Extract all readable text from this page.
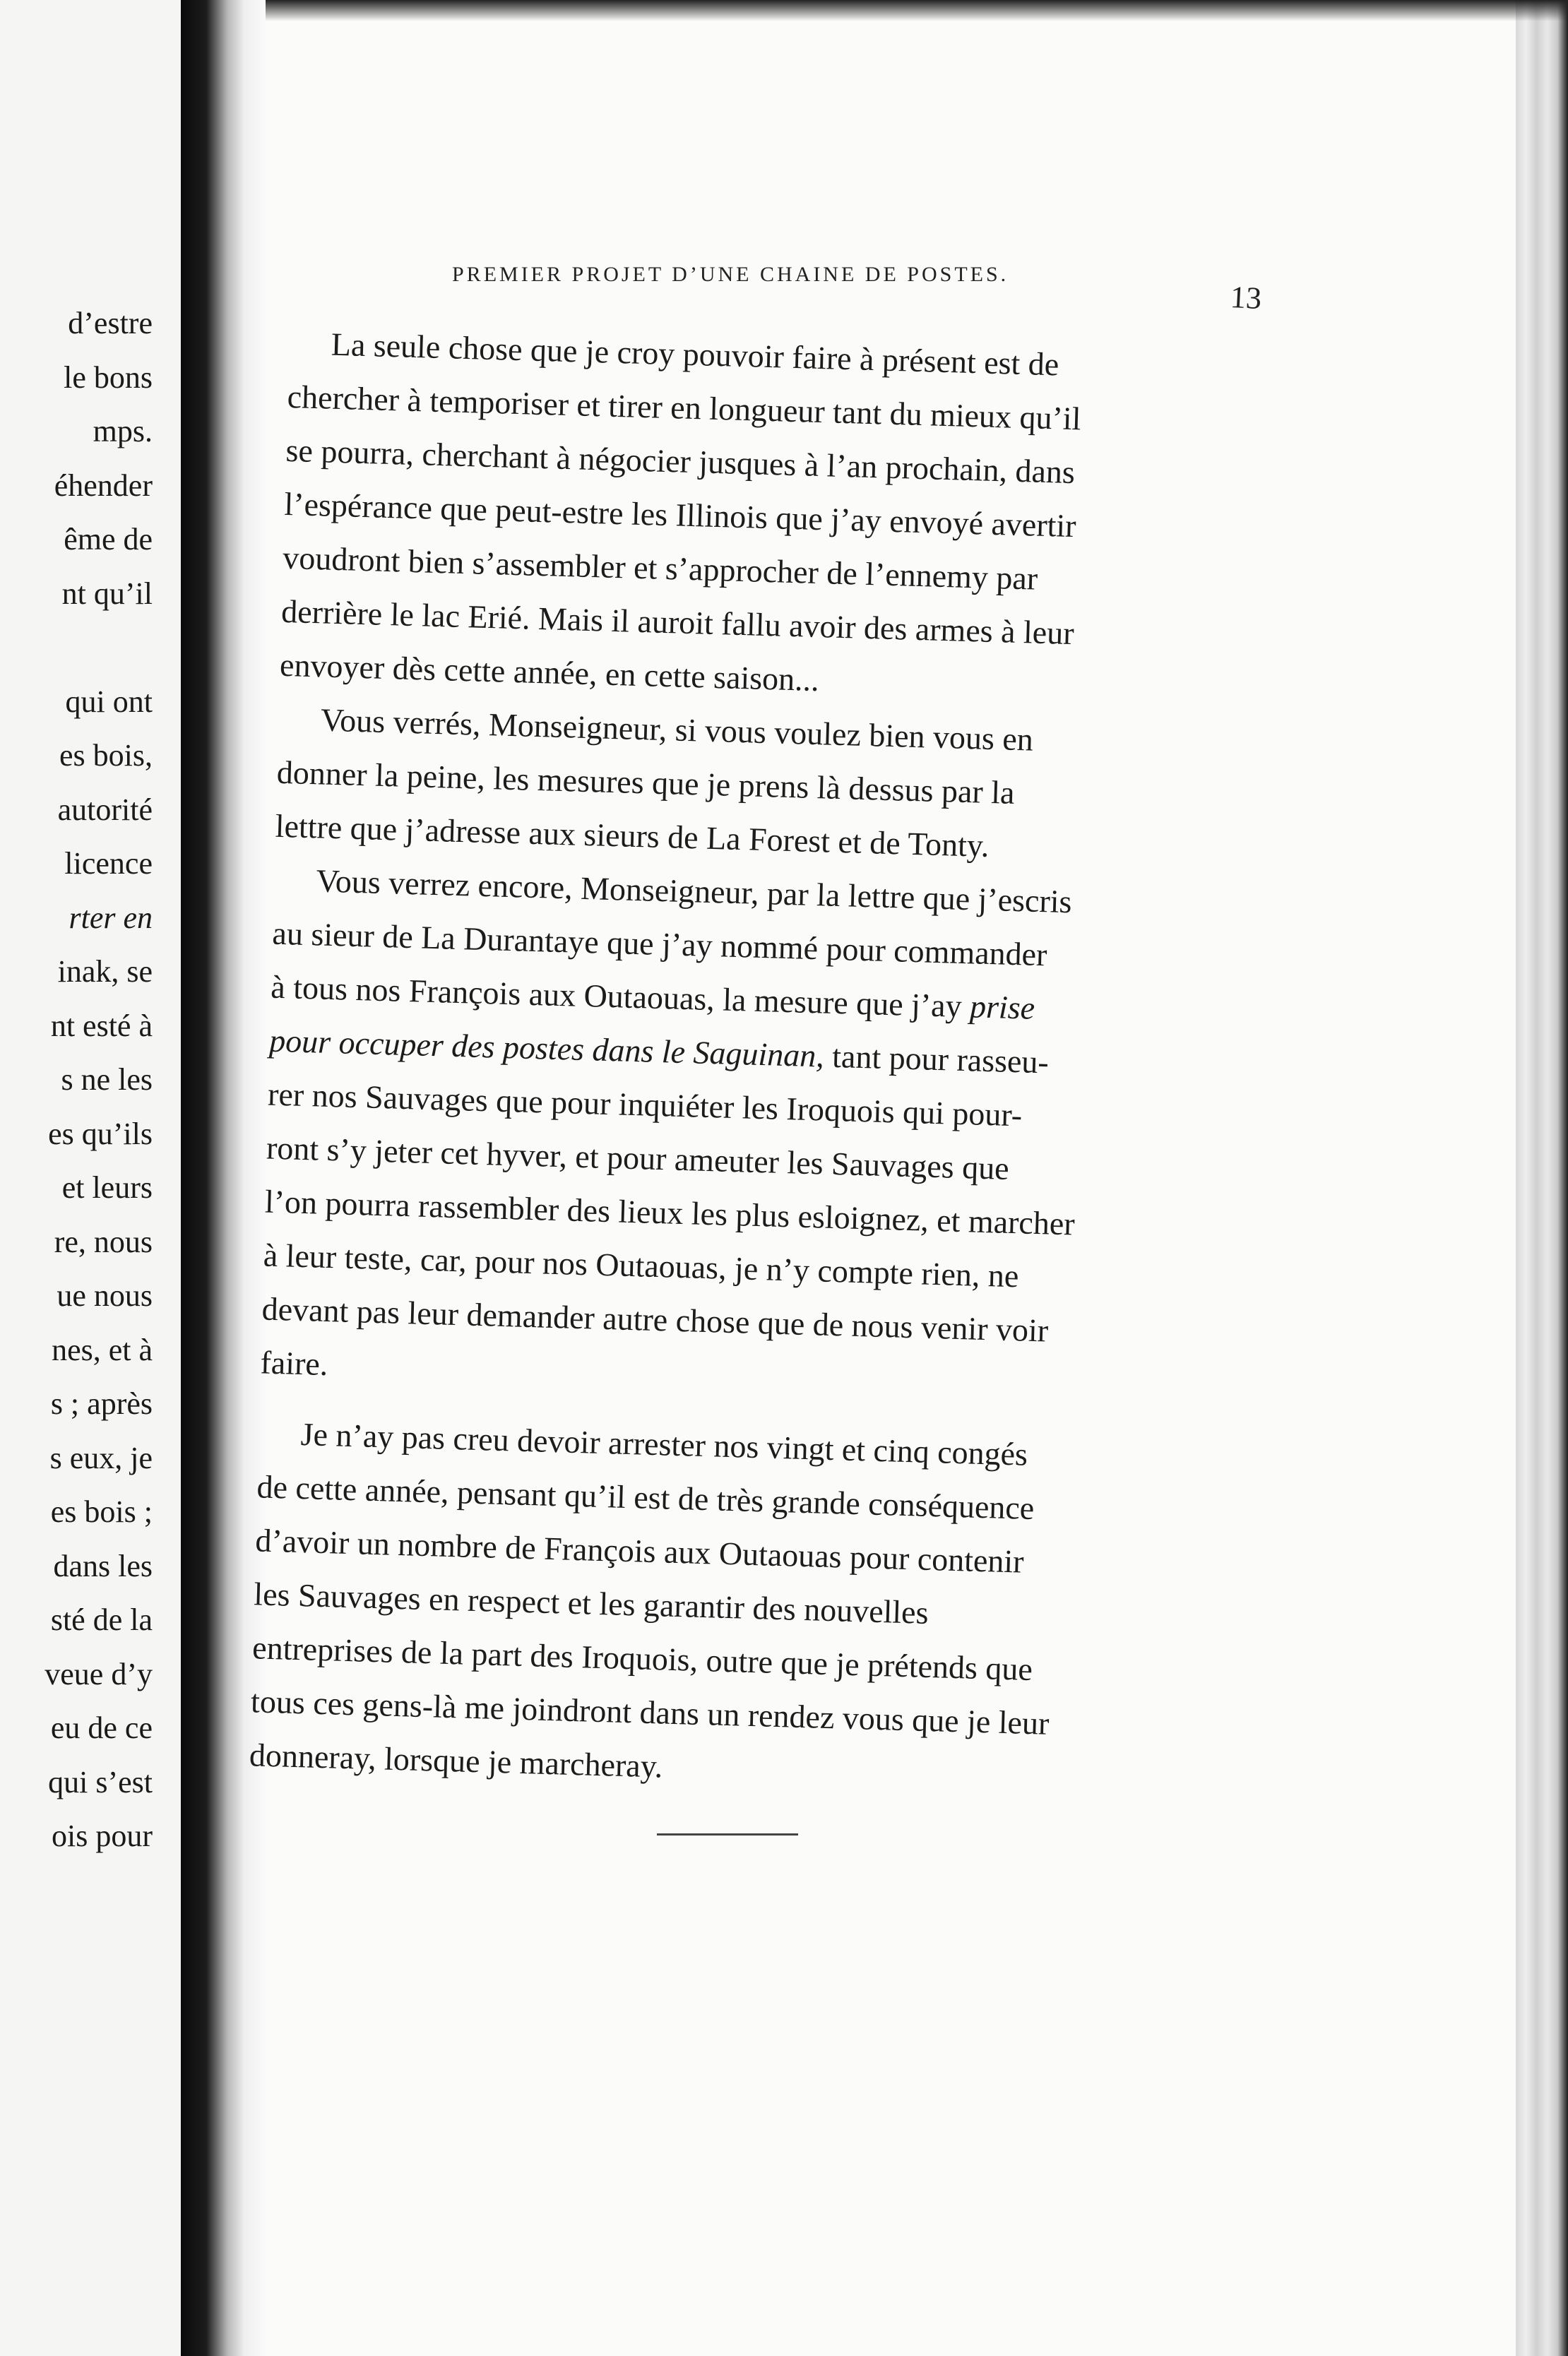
d’estre
le bons
mps.
éhender
ême de
nt qu’il
qui ont
es bois,
autorité
licence
rter en
inak, se
nt esté à
s ne les
es qu’ils
et leurs
re, nous
ue nous
nes, et à
s ; après
s eux, je
es bois ;
dans les
sté de la
veue d’y
eu de ce
qui s’est
ois pour
PREMIER PROJET D’UNE CHAINE DE POSTES.
13
La seule chose que je croy pouvoir faire à présent est de
chercher à temporiser et tirer en longueur tant du mieux qu’il
se pourra, cherchant à négocier jusques à l’an prochain, dans
l’espérance que peut-estre les Illinois que j’ay envoyé avertir
voudront bien s’assembler et s’approcher de l’ennemy par
derrière le lac Erié. Mais il auroit fallu avoir des armes à leur
envoyer dès cette année, en cette saison...
Vous verrés, Monseigneur, si vous voulez bien vous en
donner la peine, les mesures que je prens là dessus par la
lettre que j’adresse aux sieurs de La Forest et de Tonty.
Vous verrez encore, Monseigneur, par la lettre que j’escris
au sieur de La Durantaye que j’ay nommé pour commander
à tous nos François aux Outaouas, la mesure que j’ay prise
pour occuper des postes dans le Saguinan, tant pour rasseu-
rer nos Sauvages que pour inquiéter les Iroquois qui pour-
ront s’y jeter cet hyver, et pour ameuter les Sauvages que
l’on pourra rassembler des lieux les plus esloignez, et marcher
à leur teste, car, pour nos Outaouas, je n’y compte rien, ne
devant pas leur demander autre chose que de nous venir voir
faire.
Je n’ay pas creu devoir arrester nos vingt et cinq congés
de cette année, pensant qu’il est de très grande conséquence
d’avoir un nombre de François aux Outaouas pour contenir
les Sauvages en respect et les garantir des nouvelles
entreprises de la part des Iroquois, outre que je prétends que
tous ces gens-là me joindront dans un rendez vous que je leur
donneray, lorsque je marcheray.
